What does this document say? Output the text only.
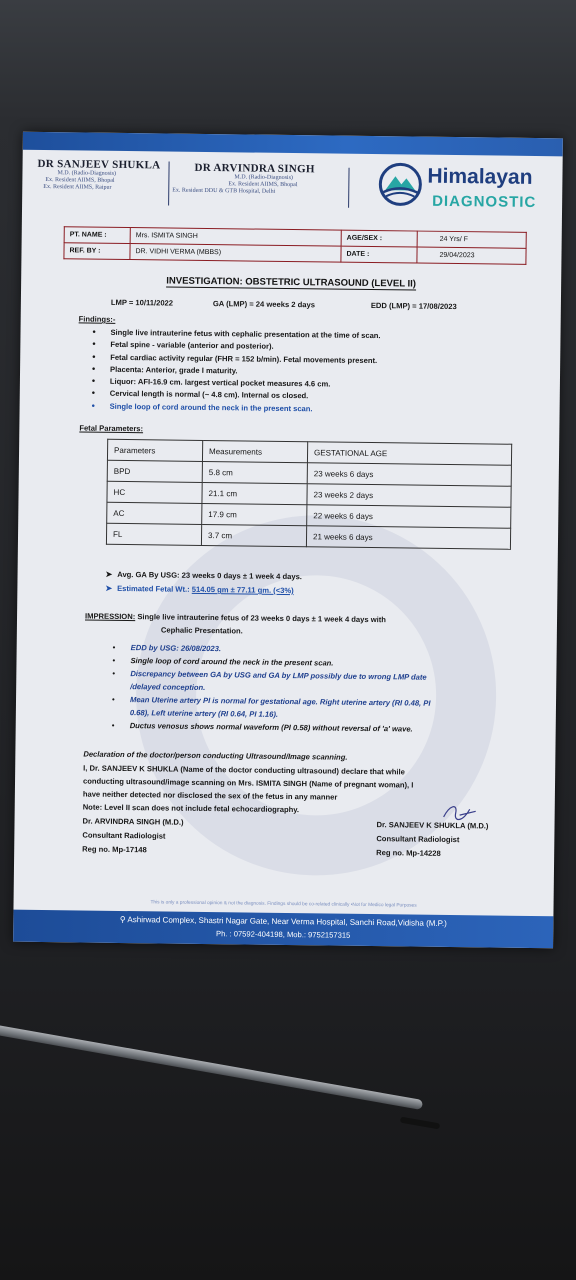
DR SANJEEV SHUKLA
M.D. (Radio-Diagnosis)
Ex. Resident AIIMS, Bhopal
Ex. Resident AIIMS, Raipur
DR ARVINDRA SINGH
M.D. (Radio-Diagnosis)
Ex. Resident AIIMS, Bhopal
Ex. Resident DDU & GTB Hospital, Delhi
Himalayan
DIAGNOSTIC
PT. NAME :	Mrs. ISMITA SINGH	AGE/SEX :	24 Yrs/ F
REF. BY :	DR. VIDHI VERMA (MBBS)	DATE :	29/04/2023
INVESTIGATION: OBSTETRIC ULTRASOUND (LEVEL II)
LMP = 10/11/2022	GA (LMP) = 24 weeks 2 days	EDD (LMP) = 17/08/2023
Findings:-
• Single live intrauterine fetus with cephalic presentation at the time of scan.
• Fetal spine - variable (anterior and posterior).
• Fetal cardiac activity regular (FHR = 152 b/min). Fetal movements present.
• Placenta: Anterior, grade I maturity.
• Liquor: AFI-16.9 cm. largest vertical pocket measures 4.6 cm.
• Cervical length is normal (~ 4.8 cm). Internal os closed.
• Single loop of cord around the neck in the present scan.
Fetal Parameters:
Parameters	Measurements	GESTATIONAL AGE
BPD	5.8 cm	23 weeks 6 days
HC	21.1 cm	23 weeks 2 days
AC	17.9 cm	22 weeks 6 days
FL	3.7 cm	21 weeks 6 days
➤ Avg. GA By USG: 23 weeks 0 days ± 1 week 4 days.
➤ Estimated Fetal Wt.: 514.05 gm ± 77.11 gm. (<3%)
IMPRESSION: Single live intrauterine fetus of 23 weeks 0 days ± 1 week 4 days with
Cephalic Presentation.
• EDD by USG: 26/08/2023.
• Single loop of cord around the neck in the present scan.
• Discrepancy between GA by USG and GA by LMP possibly due to wrong LMP date
/delayed conception.
• Mean Uterine artery PI is normal for gestational age. Right uterine artery (RI 0.48, PI
0.68), Left uterine artery (RI 0.64, PI 1.16).
• Ductus venosus shows normal waveform (PI 0.58) without reversal of 'a' wave.
Declaration of the doctor/person conducting Ultrasound/Image scanning.
I, Dr. SANJEEV K SHUKLA (Name of the doctor conducting ultrasound) declare that while
conducting ultrasound/image scanning on Mrs. ISMITA SINGH (Name of pregnant woman), I
have neither detected nor disclosed the sex of the fetus in any manner
Note: Level II scan does not include fetal echocardiography.
Dr. ARVINDRA SINGH (M.D.)
Consultant Radiologist
Reg no. Mp-17148
Dr. SANJEEV K SHUKLA (M.D.)
Consultant Radiologist
Reg no. Mp-14228
This is only a professional opinion & not the diagnosis. Findings should be co-related clinically •Not for Medico legal Purposes
⚲ Ashirwad Complex, Shastri Nagar Gate, Near Verma Hospital, Sanchi Road,Vidisha (M.P.)
Ph. : 07592-404198, Mob.: 9752157315
